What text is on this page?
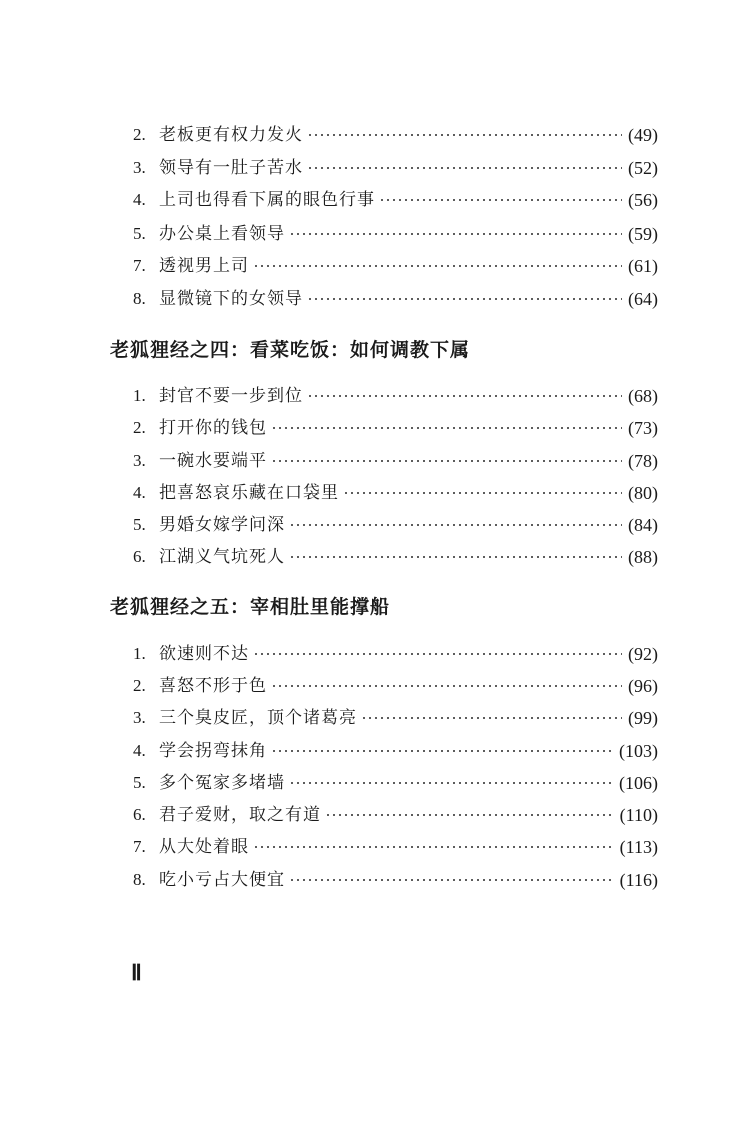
2. 老板更有权力发火	(49)
3. 领导有一肚子苦水	(52)
4. 上司也得看下属的眼色行事	(56)
5. 办公桌上看领导	(59)
7. 透视男上司	(61)
8. 显微镜下的女领导	(64)
老狐狸经之四：看菜吃饭：如何调教下属
1. 封官不要一步到位	(68)
2. 打开你的钱包	(73)
3. 一碗水要端平	(78)
4. 把喜怒哀乐藏在口袋里	(80)
5. 男婚女嫁学问深	(84)
6. 江湖义气坑死人	(88)
老狐狸经之五：宰相肚里能撑船
1. 欲速则不达	(92)
2. 喜怒不形于色	(96)
3. 三个臭皮匠，顶个诸葛亮	(99)
4. 学会拐弯抹角	(103)
5. 多个冤家多堵墙	(106)
6. 君子爱财，取之有道	(110)
7. 从大处着眼	(113)
8. 吃小亏占大便宜	(116)
Ⅱ
